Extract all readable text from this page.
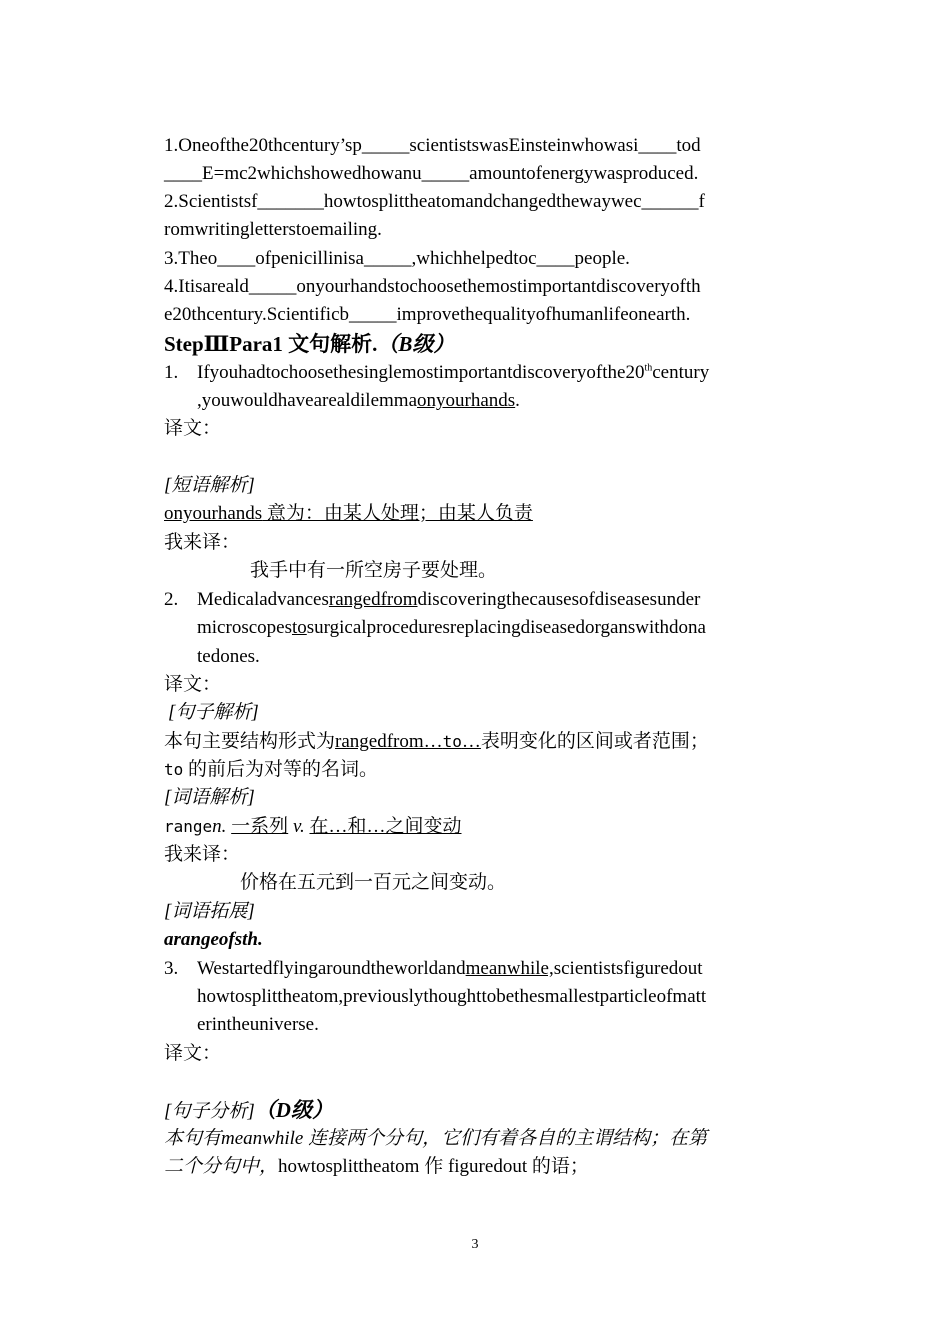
1.Oneofthe20thcentury’sp_____scientistswasEinsteinwhowasi____tod
____E=mc2whichshowedhowanu_____amountofenergywasproduced.
2.Scientistsf_______howtosplittheatomandchangedthewaywec______f
romwritingletterstoemailing.
3.Theo____ofpenicillinisa_____,whichhelpedtoc____people.
4.Itisareald_____onyourhandstochoosethemostimportantdiscoveryofth
e20thcentury.Scientificb_____improvethequalityofhumanlifeonearth.
StepⅢPara1 文句解析.（B级）
1. Ifyouhadtochoosethesinglemostimportantdiscoveryofthe20thcentury
,youwouldhavearealdilemmaonyourhands.
译文：
[短语解析]
onyourhands 意为：由某人处理；由某人负责
我来译：
我手中有一所空房子要处理。
2. Medicaladvancesrangedfromdiscoveringthecausesofdiseasesunder
microscopestosurgicalproceduresreplacingdiseasedorganswithdona
tedones.
译文：
[句子解析]
本句主要结构形式为rangedfrom…to…表明变化的区间或者范围；
to 的前后为对等的名词。
[词语解析]
rangen. 一系列 v. 在…和…之间变动
我来译：
价格在五元到一百元之间变动。
[词语拓展]
arangeofsth.
3. Westartedflyingaroundtheworldandmeanwhile,scientistsfiguredout
howtosplittheatom,previouslythoughttobethesmallestparticleofmatt
erintheuniverse.
译文：
[句子分析]（D级）
本句有meanwhile 连接两个分句，它们有着各自的主谓结构；在第
二个分句中，howtosplittheatom 作 figuredout 的语；
3
